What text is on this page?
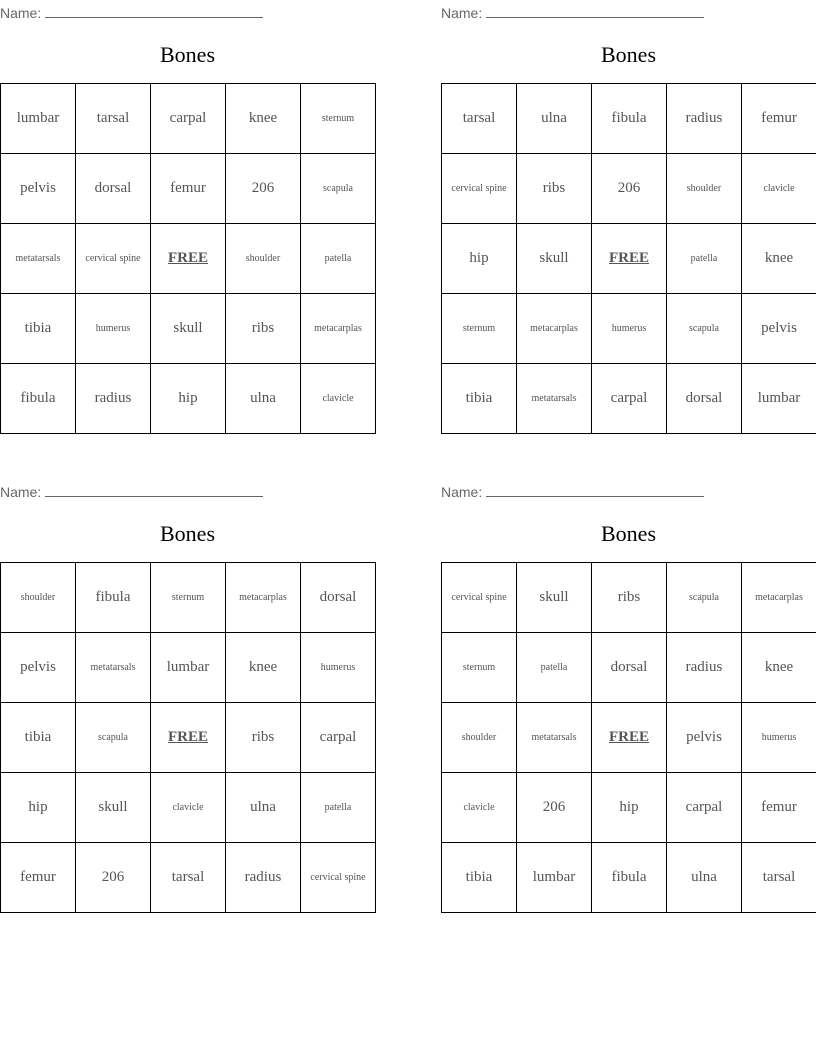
Name:
Bones
lumbar	tarsal	carpal	knee	sternum
pelvis	dorsal	femur	206	scapula
metatarsals	cervical spine	FREE	shoulder	patella
tibia	humerus	skull	ribs	metacarplas
fibula	radius	hip	ulna	clavicle
Name:
Bones
tarsal	ulna	fibula	radius	femur
cervical spine	ribs	206	shoulder	clavicle
hip	skull	FREE	patella	knee
sternum	metacarplas	humerus	scapula	pelvis
tibia	metatarsals	carpal	dorsal	lumbar
Name:
Bones
shoulder	fibula	sternum	metacarplas	dorsal
pelvis	metatarsals	lumbar	knee	humerus
tibia	scapula	FREE	ribs	carpal
hip	skull	clavicle	ulna	patella
femur	206	tarsal	radius	cervical spine
Name:
Bones
cervical spine	skull	ribs	scapula	metacarplas
sternum	patella	dorsal	radius	knee
shoulder	metatarsals	FREE	pelvis	humerus
clavicle	206	hip	carpal	femur
tibia	lumbar	fibula	ulna	tarsal
